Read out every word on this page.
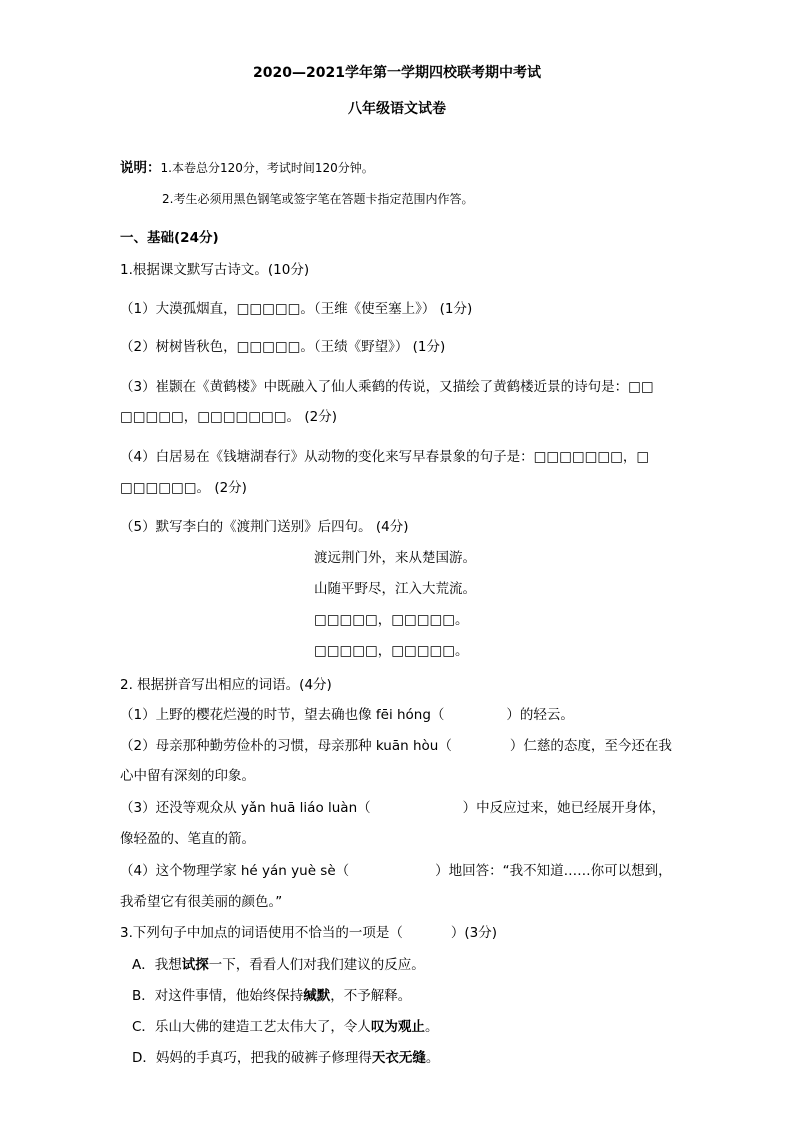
2020—2021学年第一学期四校联考期中考试
八年级语文试卷
说明：1.本卷总分120分，考试时间120分钟。
2.考生必须用黑色钢笔或签字笔在答题卡指定范围内作答。
一、基础(24分)
1.根据课文默写古诗文。(10分)
（1）大漠孤烟直，□□□□□。（王维《使至塞上》） (1分)
（2）树树皆秋色，□□□□□。（王绩《野望》） (1分)
（3）崔颢在《黄鹤楼》中既融入了仙人乘鹤的传说，又描绘了黄鹤楼近景的诗句是：□□
□□□□□，□□□□□□□。 (2分)
（4）白居易在《钱塘湖春行》从动物的变化来写早春景象的句子是：□□□□□□□，□
□□□□□□。 (2分)
（5）默写李白的《渡荆门送别》后四句。 (4分)
渡远荆门外，来从楚国游。
山随平野尽，江入大荒流。
□□□□□，□□□□□。
□□□□□，□□□□□。
2. 根据拼音写出相应的词语。(4分)
（1）上野的樱花烂漫的时节，望去确也像 fēi hóng（	）的轻云。
（2）母亲那种勤劳俭朴的习惯，母亲那种 kuān hòu（	）仁慈的态度，至今还在我
心中留有深刻的印象。
（3）还没等观众从 yǎn huā liáo luàn（	）中反应过来，她已经展开身体，
像轻盈的、笔直的箭。
（4）这个物理学家 hé yán yuè sè（	）地回答：“我不知道……你可以想到，
我希望它有很美丽的颜色。”
3.下列句子中加点的词语使用不恰当的一项是（	）(3分)
A．我想试探一下，看看人们对我们建议的反应。
B．对这件事情，他始终保持缄默，不予解释。
C．乐山大佛的建造工艺太伟大了，令人叹为观止。
D．妈妈的手真巧，把我的破裤子修理得天衣无缝。
